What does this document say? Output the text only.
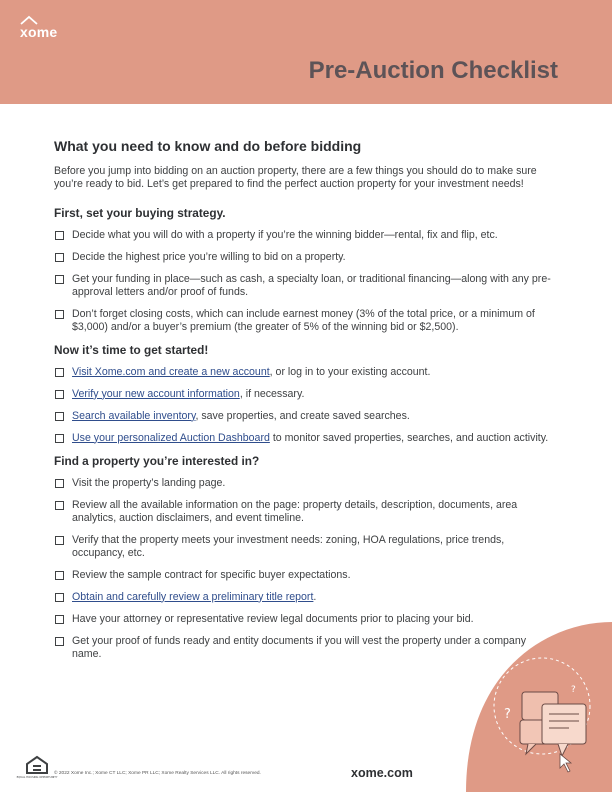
xome
Pre-Auction Checklist
What you need to know and do before bidding

Before you jump into bidding on an auction property, there are a few things you should do to make sure you’re ready to bid. Let’s get prepared to find the perfect auction property for your investment needs!

First, set your buying strategy.
Decide what you will do with a property if you’re the winning bidder—rental, fix and flip, etc.
Decide the highest price you’re willing to bid on a property.
Get your funding in place—such as cash, a specialty loan, or traditional financing—along with any pre-approval letters and/or proof of funds.
Don’t forget closing costs, which can include earnest money (3% of the total price, or a minimum of $3,000) and/or a buyer’s premium (the greater of 5% of the winning bid or $2,500).
Now it’s time to get started!
Visit Xome.com and create a new account, or log in to your existing account.
Verify your new account information, if necessary.
Search available inventory, save properties, and create saved searches.
Use your personalized Auction Dashboard to monitor saved properties, searches, and auction activity.
Find a property you’re interested in?
Visit the property’s landing page.
Review all the available information on the page: property details, description, documents, area analytics, auction disclaimers, and event timeline.
Verify that the property meets your investment needs: zoning, HOA regulations, price trends, occupancy, etc.
Review the sample contract for specific buyer expectations.
Obtain and carefully review a preliminary title report.
Have your attorney or representative review legal documents prior to placing your bid.
Get your proof of funds ready and entity documents if you will vest the property under a company name.
?
?
EQUAL HOUSING OPPORTUNITY
© 2022 Xome Inc.; Xome CT LLC; Xome PR LLC; Xome Realty Services LLC. All rights reserved.	xome.com
